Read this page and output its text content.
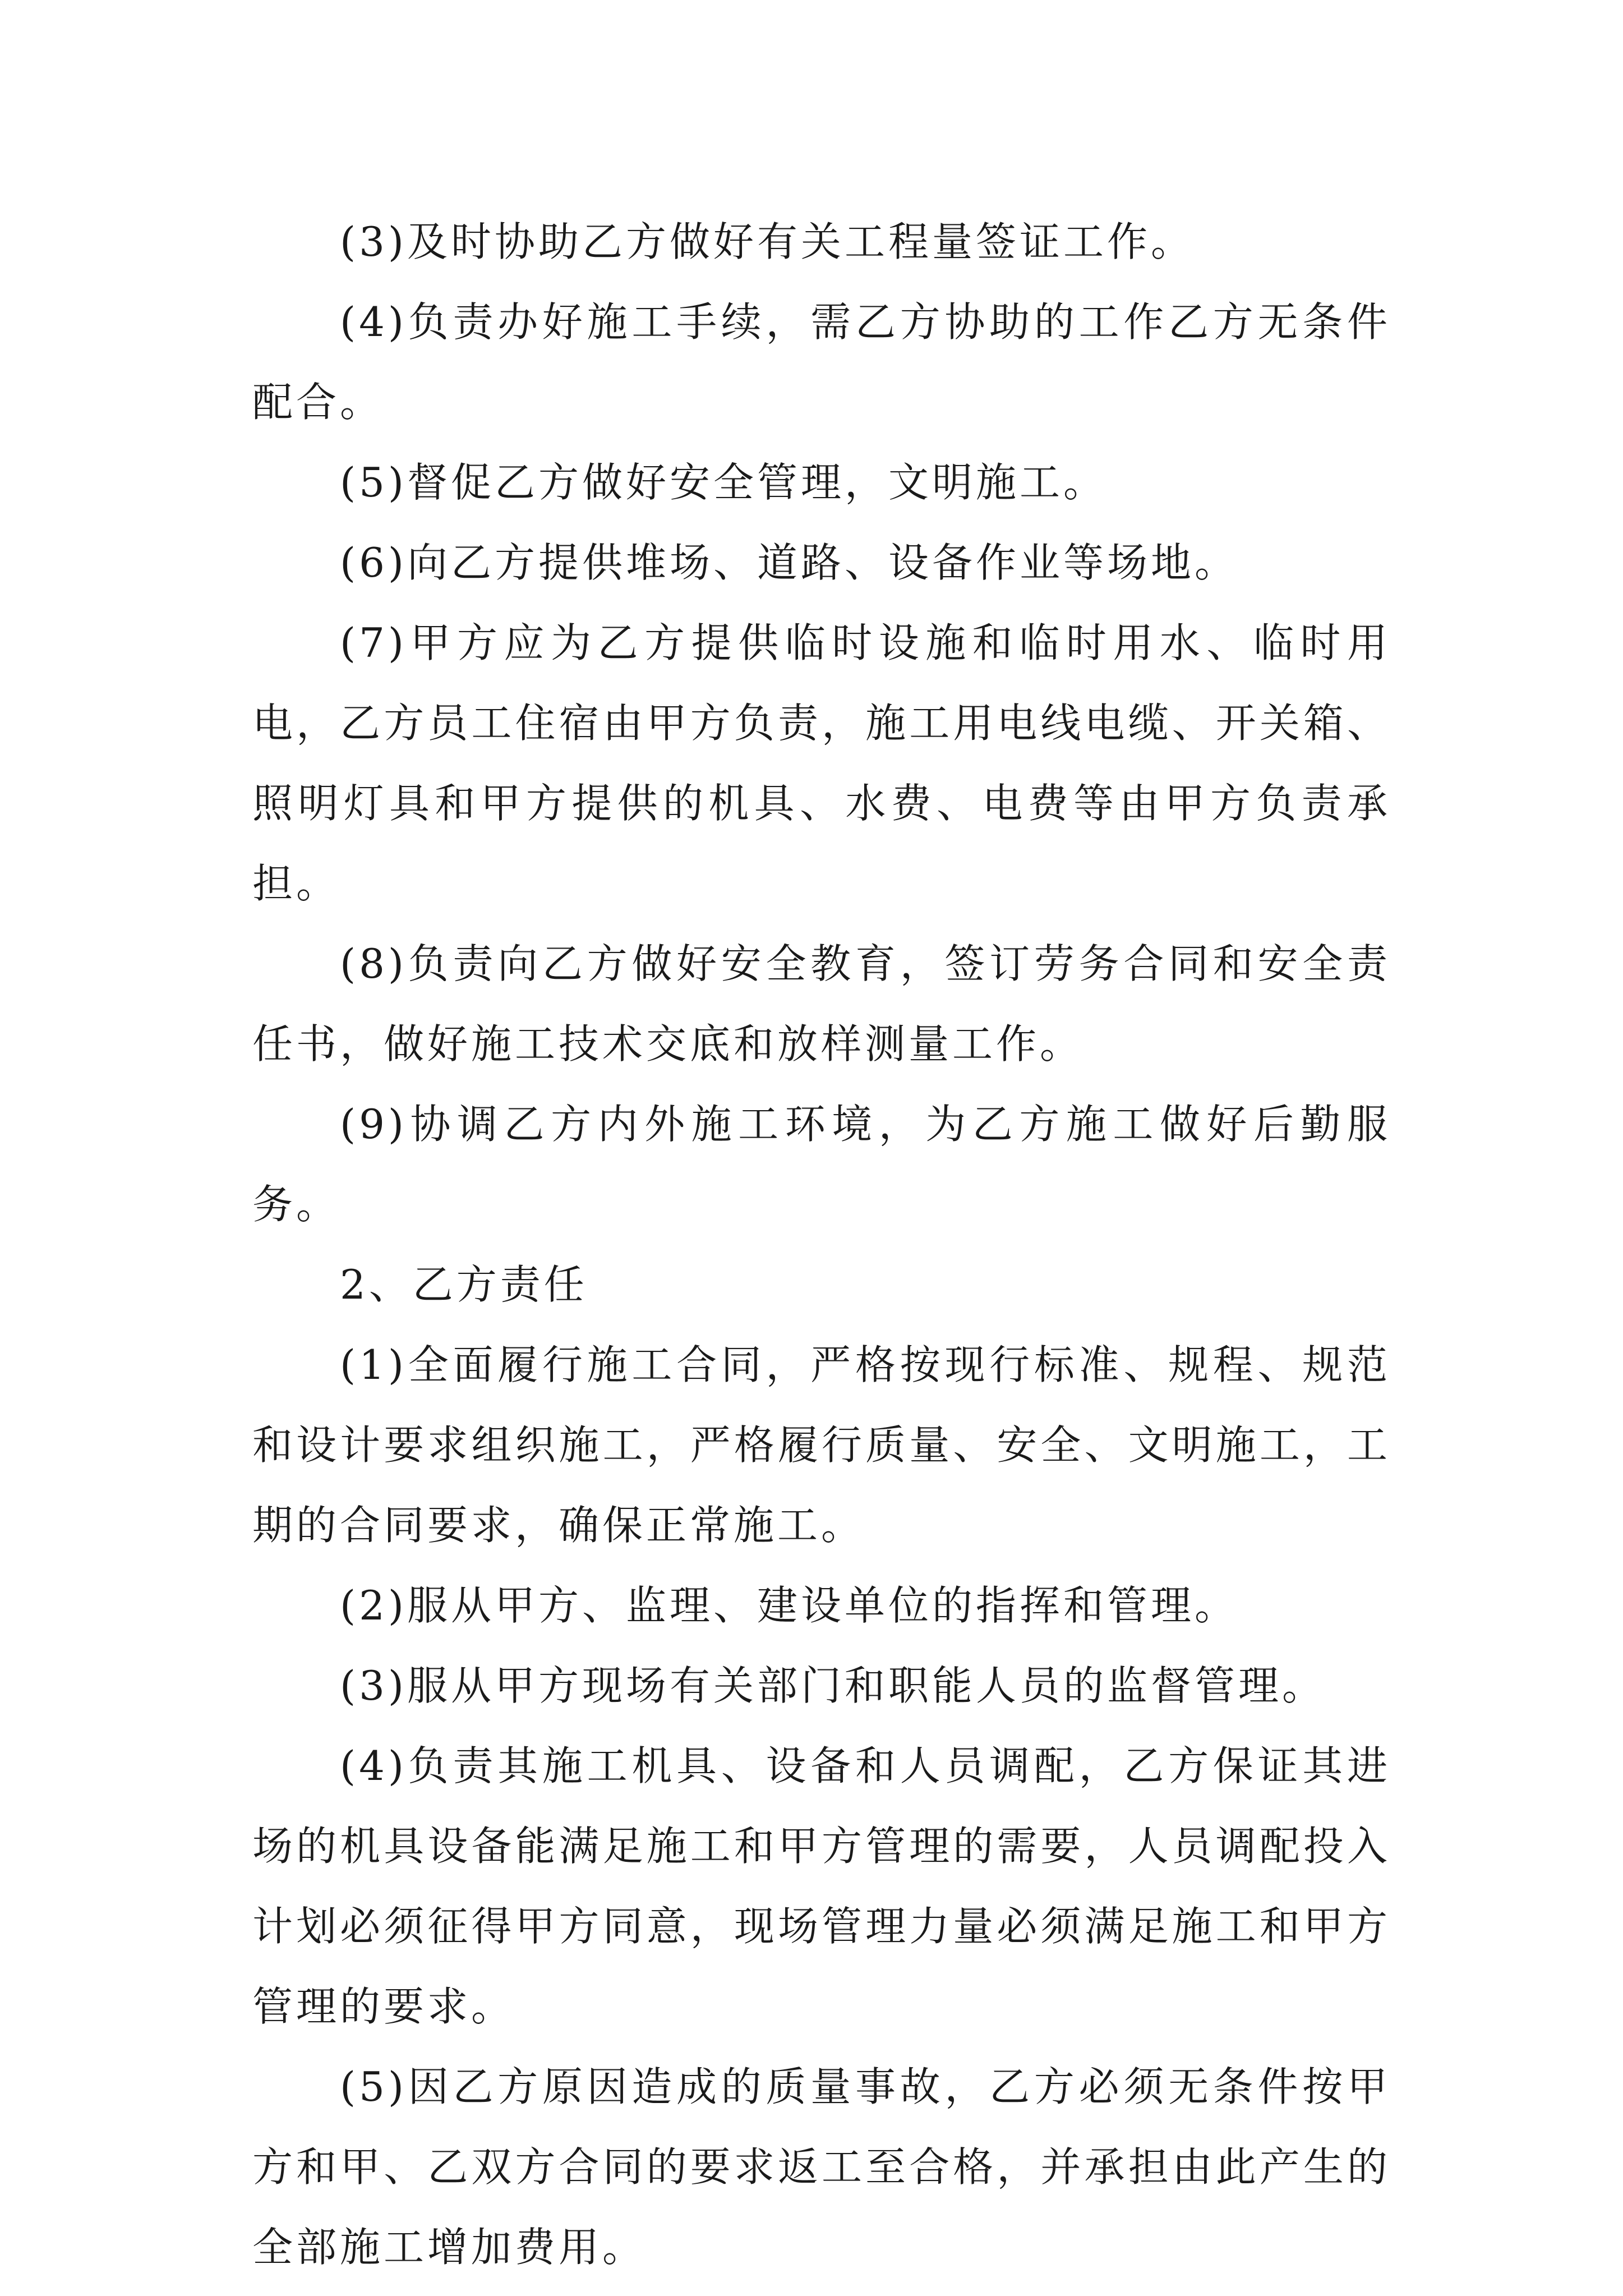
(3)及时协助乙方做好有关工程量签证工作。

(4)负责办好施工手续，需乙方协助的工作乙方无条件配合。

(5)督促乙方做好安全管理，文明施工。

(6)向乙方提供堆场、道路、设备作业等场地。

(7)甲方应为乙方提供临时设施和临时用水、临时用电，乙方员工住宿由甲方负责，施工用电线电缆、开关箱、照明灯具和甲方提供的机具、水费、电费等由甲方负责承担。

(8)负责向乙方做好安全教育，签订劳务合同和安全责任书，做好施工技术交底和放样测量工作。

(9)协调乙方内外施工环境，为乙方施工做好后勤服务。

2、乙方责任

(1)全面履行施工合同，严格按现行标准、规程、规范和设计要求组织施工，严格履行质量、安全、文明施工，工期的合同要求，确保正常施工。

(2)服从甲方、监理、建设单位的指挥和管理。

(3)服从甲方现场有关部门和职能人员的监督管理。

(4)负责其施工机具、设备和人员调配，乙方保证其进场的机具设备能满足施工和甲方管理的需要，人员调配投入计划必须征得甲方同意，现场管理力量必须满足施工和甲方管理的要求。

(5)因乙方原因造成的质量事故，乙方必须无条件按甲方和甲、乙双方合同的要求返工至合格，并承担由此产生的全部施工增加费用。
